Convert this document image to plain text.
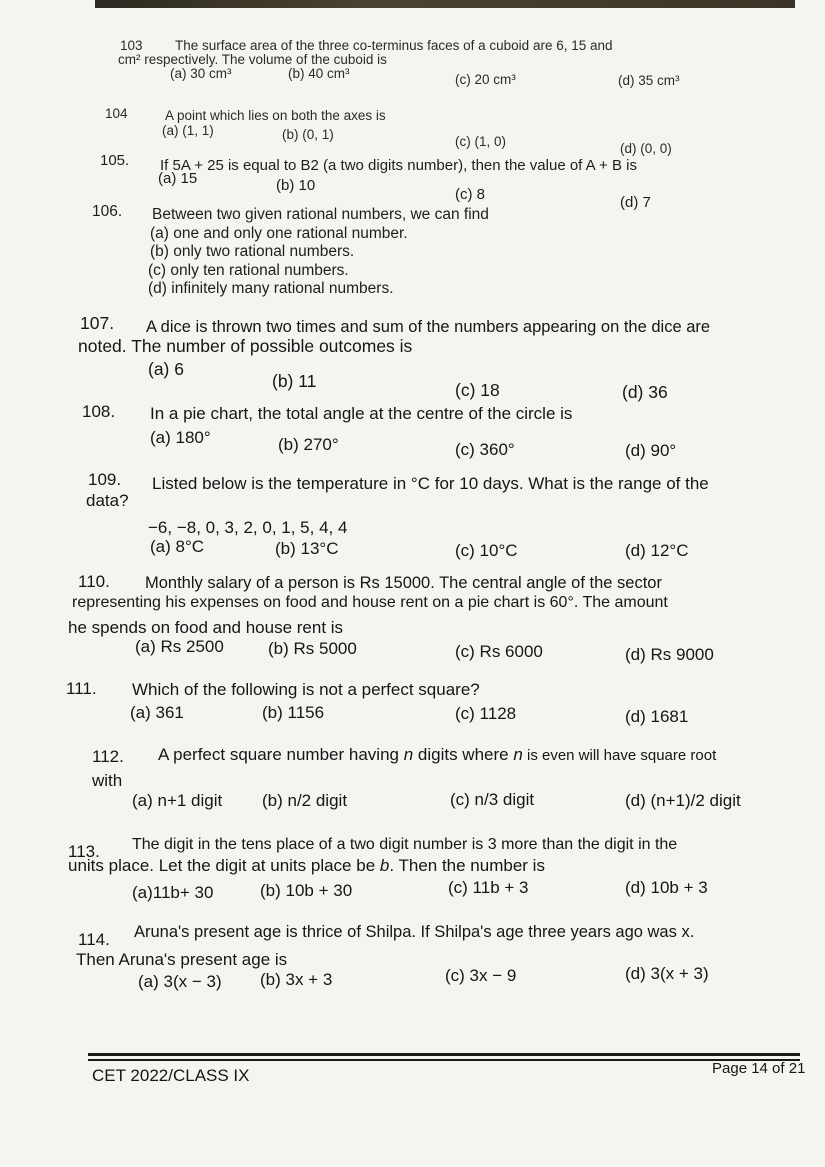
103 The surface area of the three co-terminus faces of a cuboid are 6, 15 and
cm² respectively. The volume of the cuboid is
(a) 30 cm³	(b) 40 cm³	(c) 20 cm³	(d) 35 cm³
104	A point which lies on both the axes is
(a) (1, 1)	(b) (0, 1)	(c) (1, 0)	(d) (0, 0)
105. If 5A + 25 is equal to B2 (a two digits number), then the value of A + B is
(a) 15	(b) 10
(c) 8	(d) 7
106. Between two given rational numbers, we can find
(a) one and only one rational number.
(b) only two rational numbers.
(c) only ten rational numbers.
(d) infinitely many rational numbers.
107. A dice is thrown two times and sum of the numbers appearing on the dice are
noted. The number of possible outcomes is
(a) 6
(b) 11	(c) 18	(d) 36
108. In a pie chart, the total angle at the centre of the circle is
(a) 180°	(b) 270°	(c) 360°	(d) 90°
109. Listed below is the temperature in °C for 10 days. What is the range of the
data?
−6, −8, 0, 3, 2, 0, 1, 5, 4, 4
(a) 8°C	(b) 13°C	(c) 10°C	(d) 12°C
110. Monthly salary of a person is Rs 15000. The central angle of the sector
representing his expenses on food and house rent on a pie chart is 60°. The amount
he spends on food and house rent is
(a) Rs 2500	(b) Rs 5000	(c) Rs 6000	(d) Rs 9000
111. Which of the following is not a perfect square?
(a) 361	(b) 1156	(c) 1128	(d) 1681
112. A perfect square number having n digits where n is even will have square root
with
(a) n+1 digit (b) n/2 digit	(c) n/3 digit	(d) (n+1)/2 digit
113. The digit in the tens place of a two digit number is 3 more than the digit in the
units place. Let the digit at units place be b. Then the number is
(a)11b+ 30	(b) 10b + 30	(c) 11b + 3	(d) 10b + 3
114. Aruna's present age is thrice of Shilpa. If Shilpa's age three years ago was x.
Then Aruna's present age is
(a) 3(x − 3) (b) 3x + 3	(c) 3x − 9	(d) 3(x + 3)
CET 2022/CLASS IX	Page 14 of 21
